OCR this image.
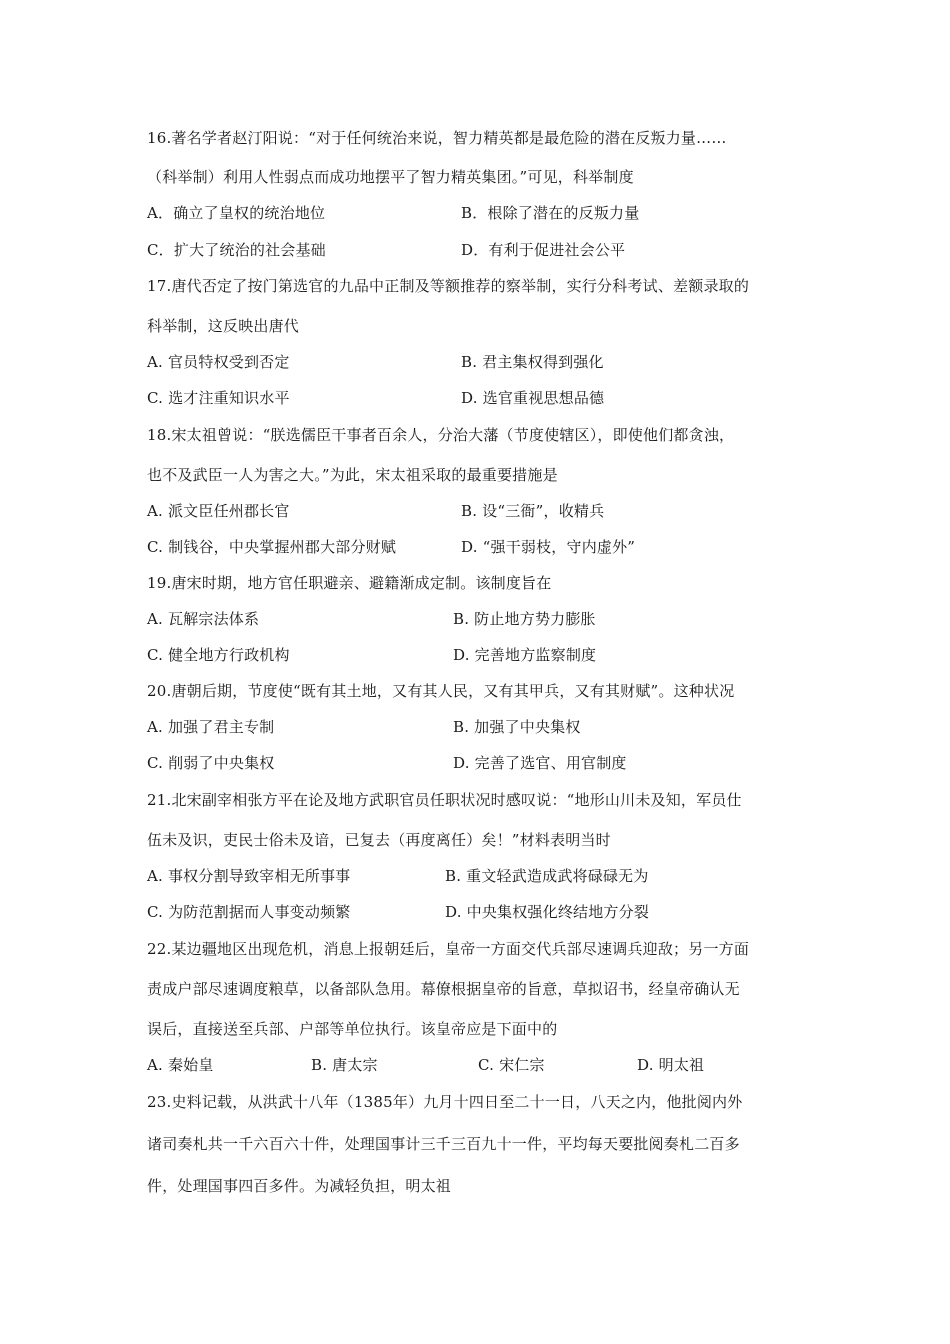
16.著名学者赵汀阳说：“对于任何统治来说，智力精英都是最危险的潜在反叛力量……
（科举制）利用人性弱点而成功地摆平了智力精英集团。”可见，科举制度
A．确立了皇权的统治地位	B．根除了潜在的反叛力量
C．扩大了统治的社会基础	D．有利于促进社会公平
17.唐代否定了按门第选官的九品中正制及等额推荐的察举制，实行分科考试、差额录取的
科举制，这反映出唐代
A. 官员特权受到否定	B. 君主集权得到强化
C. 选才注重知识水平	D. 选官重视思想品德
18.宋太祖曾说：“朕选儒臣干事者百余人，分治大藩（节度使辖区），即使他们都贪浊，
也不及武臣一人为害之大。”为此，宋太祖采取的最重要措施是
A. 派文臣任州郡长官	B. 设“三衙”，收精兵
C. 制钱谷，中央掌握州郡大部分财赋	D. “强干弱枝，守内虚外”
19.唐宋时期，地方官任职避亲、避籍渐成定制。该制度旨在
A. 瓦解宗法体系	B. 防止地方势力膨胀
C. 健全地方行政机构	D. 完善地方监察制度
20.唐朝后期，节度使“既有其土地，又有其人民，又有其甲兵，又有其财赋”。这种状况
A. 加强了君主专制	B. 加强了中央集权
C. 削弱了中央集权	D. 完善了选官、用官制度
21.北宋副宰相张方平在论及地方武职官员任职状况时感叹说：“地形山川未及知，军员仕
伍未及识，吏民士俗未及谙，已复去（再度离任）矣！”材料表明当时
A. 事权分割导致宰相无所事事	B. 重文轻武造成武将碌碌无为
C. 为防范割据而人事变动频繁	D. 中央集权强化终结地方分裂
22.某边疆地区出现危机，消息上报朝廷后，皇帝一方面交代兵部尽速调兵迎敌；另一方面
责成户部尽速调度粮草，以备部队急用。幕僚根据皇帝的旨意，草拟诏书，经皇帝确认无
误后，直接送至兵部、户部等单位执行。该皇帝应是下面中的
A. 秦始皇	B. 唐太宗	C. 宋仁宗	D. 明太祖
23.史料记载，从洪武十八年（1385年）九月十四日至二十一日，八天之内，他批阅内外
诸司奏札共一千六百六十件，处理国事计三千三百九十一件，平均每天要批阅奏札二百多
件，处理国事四百多件。为减轻负担，明太祖
